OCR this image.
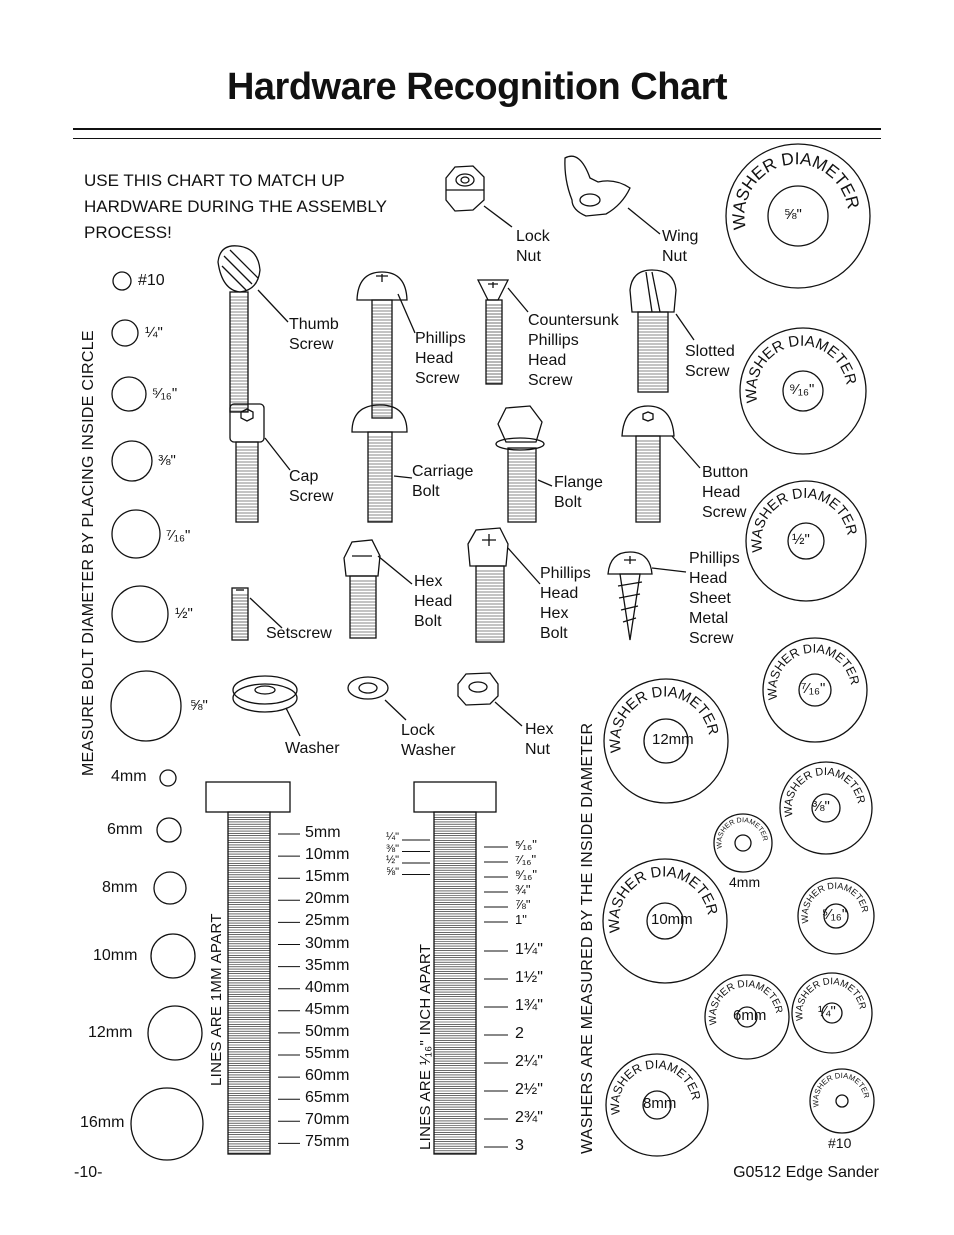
Hardware Recognition Chart
USE THIS CHART TO MATCH UP
HARDWARE DURING THE ASSEMBLY
PROCESS!
MEASURE BOLT DIAMETER BY PLACING INSIDE CIRCLE
LINES ARE 1MM APART	LINES ARE ¹⁄₁₆" INCH APART	WASHERS ARE MEASURED BY THE INSIDE DIAMETER
Lock
Nut
Wing
Nut
Thumb
Screw	Phillips
Head
Screw
Countersunk
Phillips
Head
Screw
Slotted
Screw
Cap
Screw
Carriage
Bolt
Flange
Bolt
Button
Head
Screw
Setscrew
Hex
Head
Bolt
Phillips
Head
Hex
Bolt
Phillips
Head
Sheet
Metal
Screw
Washer
Lock
Washer
Hex
Nut
#10
¼"
⁵⁄₁₆"
⅜"
⁷⁄₁₆"
½"
⅝"
4mm
6mm
8mm
10mm
12mm
16mm
5mm
10mm
15mm
20mm
25mm
30mm
35mm
40mm
45mm
50mm
55mm
60mm
65mm
70mm
75mm
¼"
⅜"
½"
⅝"
⁵⁄₁₆"
⁷⁄₁₆"
⁹⁄₁₆"
¾"
⅞"
1"
1¼"
1½"
1¾"
2
2¼"
2½"
2¾"
3
⅝"
⁹⁄₁₆"
½"
⁷⁄₁₆"
12mm
⅜"
4mm
10mm	⁵⁄₁₆"
6mm	¼"
8mm
#10
-10-	G0512 Edge Sander
WASHER DIAMETER
WASHER DIAMETER
WASHER DIAMETER
WASHER DIAMETER
WASHER DIAMETER
WASHER DIAMETER
WASHER DIAMETER
WASHER DIAMETER
WASHER DIAMETER
WASHER DIAMETER
WASHER DIAMETER
WASHER DIAMETER
WASHER DIAMETER
